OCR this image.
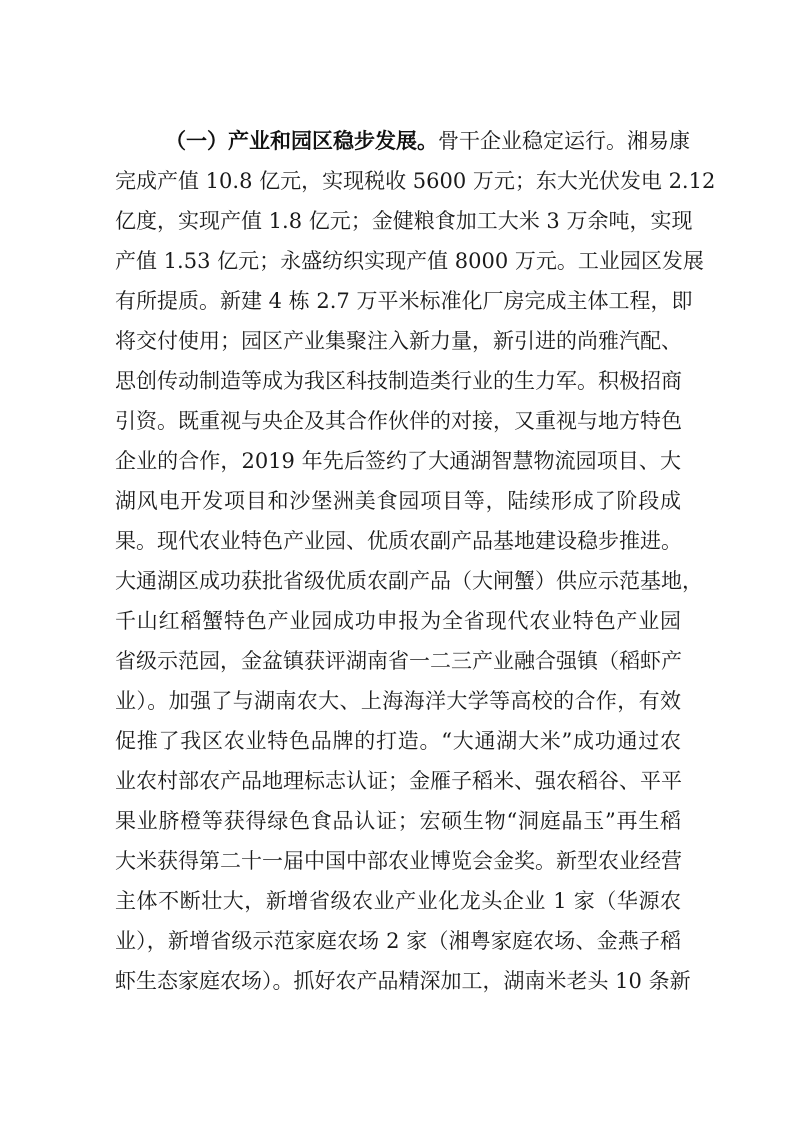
（一）产业和园区稳步发展。骨干企业稳定运行。湘易康
完成产值 10.8 亿元，实现税收 5600 万元；东大光伏发电 2.12
亿度，实现产值 1.8 亿元；金健粮食加工大米 3 万余吨，实现
产值 1.53 亿元；永盛纺织实现产值 8000 万元。工业园区发展
有所提质。新建 4 栋 2.7 万平米标准化厂房完成主体工程，即
将交付使用；园区产业集聚注入新力量，新引进的尚雅汽配、
思创传动制造等成为我区科技制造类行业的生力军。积极招商
引资。既重视与央企及其合作伙伴的对接，又重视与地方特色
企业的合作，2019 年先后签约了大通湖智慧物流园项目、大
湖风电开发项目和沙堡洲美食园项目等，陆续形成了阶段成
果。现代农业特色产业园、优质农副产品基地建设稳步推进。
大通湖区成功获批省级优质农副产品（大闸蟹）供应示范基地，
千山红稻蟹特色产业园成功申报为全省现代农业特色产业园
省级示范园，金盆镇获评湖南省一二三产业融合强镇（稻虾产
业）。加强了与湖南农大、上海海洋大学等高校的合作，有效
促推了我区农业特色品牌的打造。“大通湖大米”成功通过农
业农村部农产品地理标志认证；金雁子稻米、强农稻谷、平平
果业脐橙等获得绿色食品认证；宏硕生物“洞庭晶玉”再生稻
大米获得第二十一届中国中部农业博览会金奖。新型农业经营
主体不断壮大，新增省级农业产业化龙头企业 1 家（华源农
业），新增省级示范家庭农场 2 家（湘粤家庭农场、金燕子稻
虾生态家庭农场）。抓好农产品精深加工，湖南米老头 10 条新
